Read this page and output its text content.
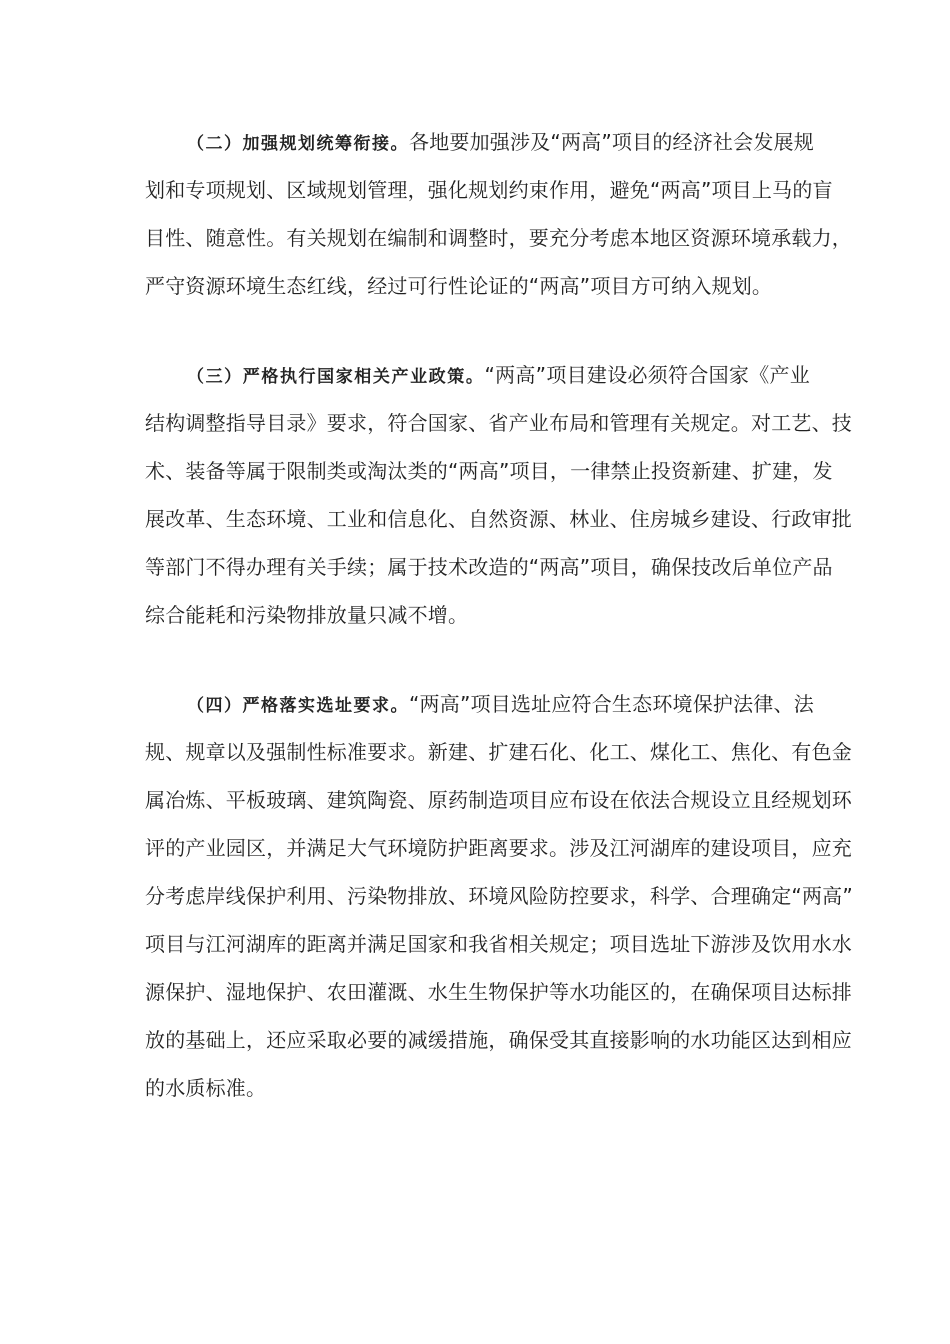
（二）加强规划统筹衔接。各地要加强涉及“两高”项目的经济社会发展规
划和专项规划、区域规划管理，强化规划约束作用，避免“两高”项目上马的盲
目性、随意性。有关规划在编制和调整时，要充分考虑本地区资源环境承载力，
严守资源环境生态红线，经过可行性论证的“两高”项目方可纳入规划。
（三）严格执行国家相关产业政策。“两高”项目建设必须符合国家《产业
结构调整指导目录》要求，符合国家、省产业布局和管理有关规定。对工艺、技
术、装备等属于限制类或淘汰类的“两高”项目，一律禁止投资新建、扩建，发
展改革、生态环境、工业和信息化、自然资源、林业、住房城乡建设、行政审批
等部门不得办理有关手续；属于技术改造的“两高”项目，确保技改后单位产品
综合能耗和污染物排放量只减不增。
（四）严格落实选址要求。“两高”项目选址应符合生态环境保护法律、法
规、规章以及强制性标准要求。新建、扩建石化、化工、煤化工、焦化、有色金
属冶炼、平板玻璃、建筑陶瓷、原药制造项目应布设在依法合规设立且经规划环
评的产业园区，并满足大气环境防护距离要求。涉及江河湖库的建设项目，应充
分考虑岸线保护利用、污染物排放、环境风险防控要求，科学、合理确定“两高”
项目与江河湖库的距离并满足国家和我省相关规定；项目选址下游涉及饮用水水
源保护、湿地保护、农田灌溉、水生生物保护等水功能区的，在确保项目达标排
放的基础上，还应采取必要的减缓措施，确保受其直接影响的水功能区达到相应
的水质标准。
